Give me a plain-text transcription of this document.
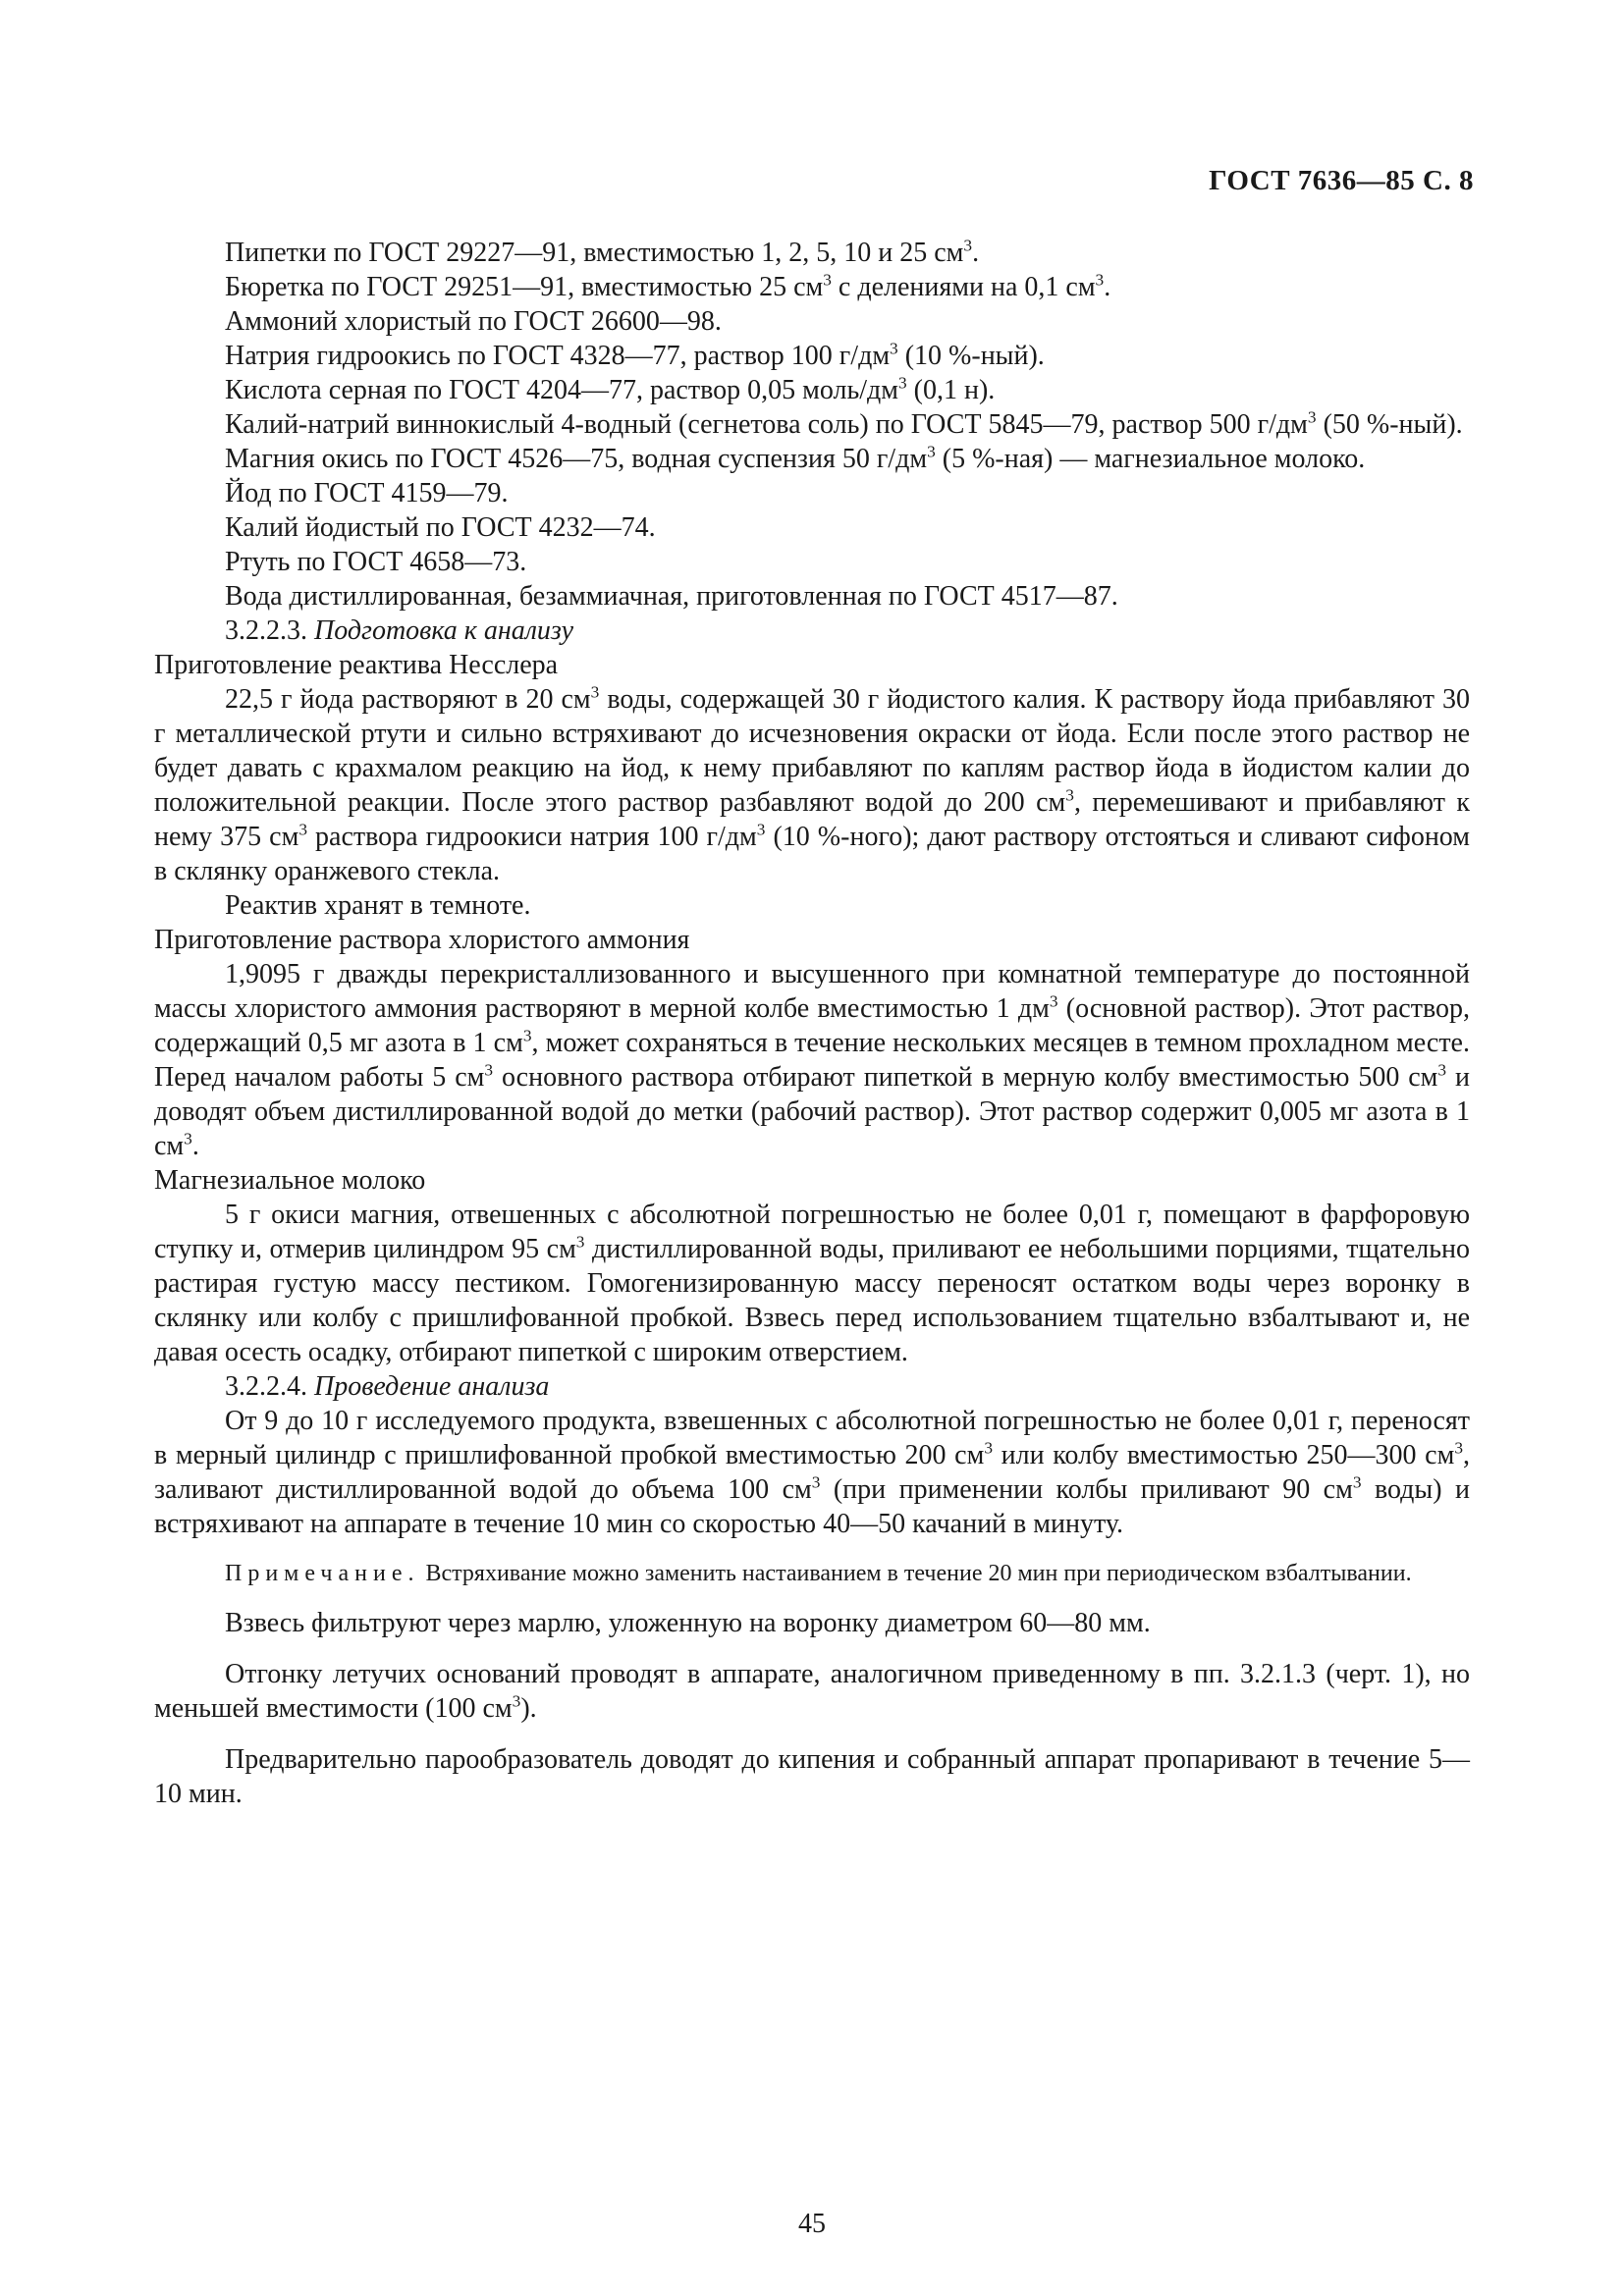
ГОСТ 7636—85 С. 8

Пипетки по ГОСТ 29227—91, вместимостью 1, 2, 5, 10 и 25 $см^3$.

Бюретка по ГОСТ 29251—91, вместимостью 25 $см^3$ с делениями на 0,1 $см^3$.

Аммоний хлористый по ГОСТ 26600—98.

Натрия гидроокись по ГОСТ 4328—77, раствор 100 $г/дм^3$ (10 %-ный).

Кислота серная по ГОСТ 4204—77, раствор 0,05 моль/$дм^3$ (0,1 н).

Калий-натрий виннокислый 4-водный (сегнетова соль) по ГОСТ 5845—79, раствор 500 $г/дм^3$ (50 %-ный).

Магния окись по ГОСТ 4526—75, водная суспензия 50 $г/дм^3$ (5 %-ная) — магнезиальное молоко.

Йод по ГОСТ 4159—79.

Калий йодистый по ГОСТ 4232—74.

Ртуть по ГОСТ 4658—73.

Вода дистиллированная, безаммиачная, приготовленная по ГОСТ 4517—87.

3.2.2.3. Подготовка к анализу

Приготовление реактива Несслера

22,5 г йода растворяют в 20 $см^3$ воды, содержащей 30 г йодистого калия. К раствору йода прибавляют 30 г металлической ртути и сильно встряхивают до исчезновения окраски от йода. Если после этого раствор не будет давать с крахмалом реакцию на йод, к нему прибавляют по каплям раствор йода в йодистом калии до положительной реакции. После этого раствор разбавляют водой до 200 $см^3$, перемешивают и прибавляют к нему 375 $см^3$ раствора гидроокиси натрия 100 $г/дм^3$ (10 %-ного); дают раствору отстояться и сливают сифоном в склянку оранжевого стекла.

Реактив хранят в темноте.

Приготовление раствора хлористого аммония

1,9095 г дважды перекристаллизованного и высушенного при комнатной температуре до постоянной массы хлористого аммония растворяют в мерной колбе вместимостью 1 $дм^3$ (основной раствор). Этот раствор, содержащий 0,5 мг азота в 1 $см^3$, может сохраняться в течение нескольких месяцев в темном прохладном месте. Перед началом работы 5 $см^3$ основного раствора отбирают пипеткой в мерную колбу вместимостью 500 $см^3$ и доводят объем дистиллированной водой до метки (рабочий раствор). Этот раствор содержит 0,005 мг азота в 1 $см^3$.

Магнезиальное молоко

5 г окиси магния, отвешенных с абсолютной погрешностью не более 0,01 г, помещают в фарфоровую ступку и, отмерив цилиндром 95 $см^3$ дистиллированной воды, приливают ее небольшими порциями, тщательно растирая густую массу пестиком. Гомогенизированную массу переносят остатком воды через воронку в склянку или колбу с пришлифованной пробкой. Взвесь перед использованием тщательно взбалтывают и, не давая осесть осадку, отбирают пипеткой с широким отверстием.

3.2.2.4. Проведение анализа

От 9 до 10 г исследуемого продукта, взвешенных с абсолютной погрешностью не более 0,01 г, переносят в мерный цилиндр с пришлифованной пробкой вместимостью 200 $см^3$ или колбу вместимостью 250—300 $см^3$, заливают дистиллированной водой до объема 100 $см^3$ (при применении колбы приливают 90 $см^3$ воды) и встряхивают на аппарате в течение 10 мин со скоростью 40—50 качаний в минуту.

Примечание. Встряхивание можно заменить настаиванием в течение 20 мин при периодическом взбалтывании.

Взвесь фильтруют через марлю, уложенную на воронку диаметром 60—80 мм.

Отгонку летучих оснований проводят в аппарате, аналогичном приведенному в пп. 3.2.1.3 (черт. 1), но меньшей вместимости (100 $см^3$).

Предварительно парообразователь доводят до кипения и собранный аппарат пропаривают в течение 5—10 мин.

45
